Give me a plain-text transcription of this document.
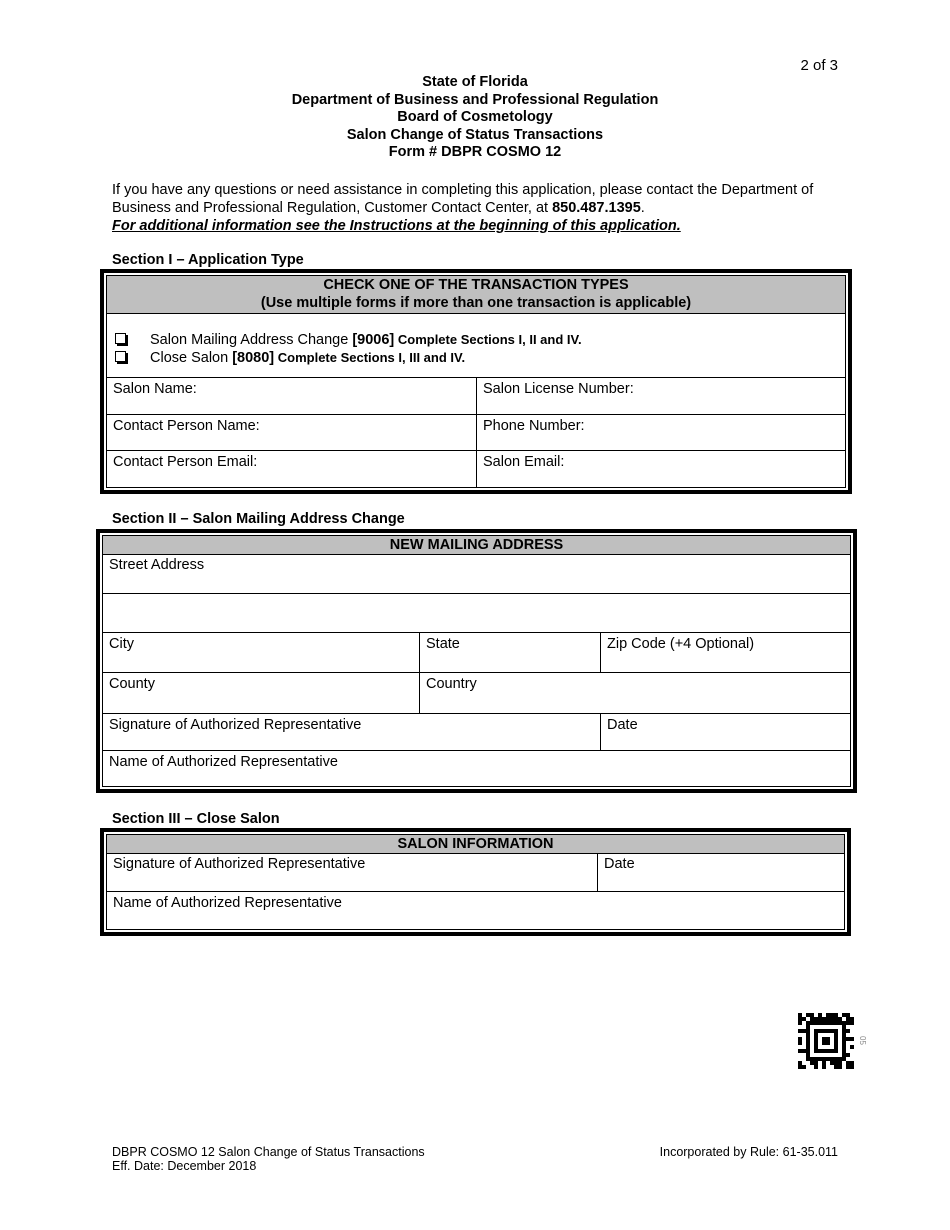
2 of 3
State of Florida
Department of Business and Professional Regulation
Board of Cosmetology
Salon Change of Status Transactions
Form # DBPR COSMO 12
If you have any questions or need assistance in completing this application, please contact the Department of Business and Professional Regulation, Customer Contact Center, at 850.487.1395.
For additional information see the Instructions at the beginning of this application.
Section I – Application Type
CHECK ONE OF THE TRANSACTION TYPES
(Use multiple forms if more than one transaction is applicable)
Salon Mailing Address Change [9006] Complete Sections I, II and IV.
Close Salon [8080] Complete Sections I, III and IV.
Salon Name:	Salon License Number:
Contact Person Name:	Phone Number:
Contact Person Email:	Salon Email:
Section II – Salon Mailing Address Change
NEW MAILING ADDRESS
Street Address
City	State	Zip Code (+4 Optional)
County	Country
Signature of Authorized Representative	Date
Name of Authorized Representative
Section III – Close Salon
SALON INFORMATION
Signature of Authorized Representative	Date
Name of Authorized Representative
05
DBPR COSMO 12 Salon Change of Status Transactions
Eff. Date: December 2018
Incorporated by Rule: 61-35.011
